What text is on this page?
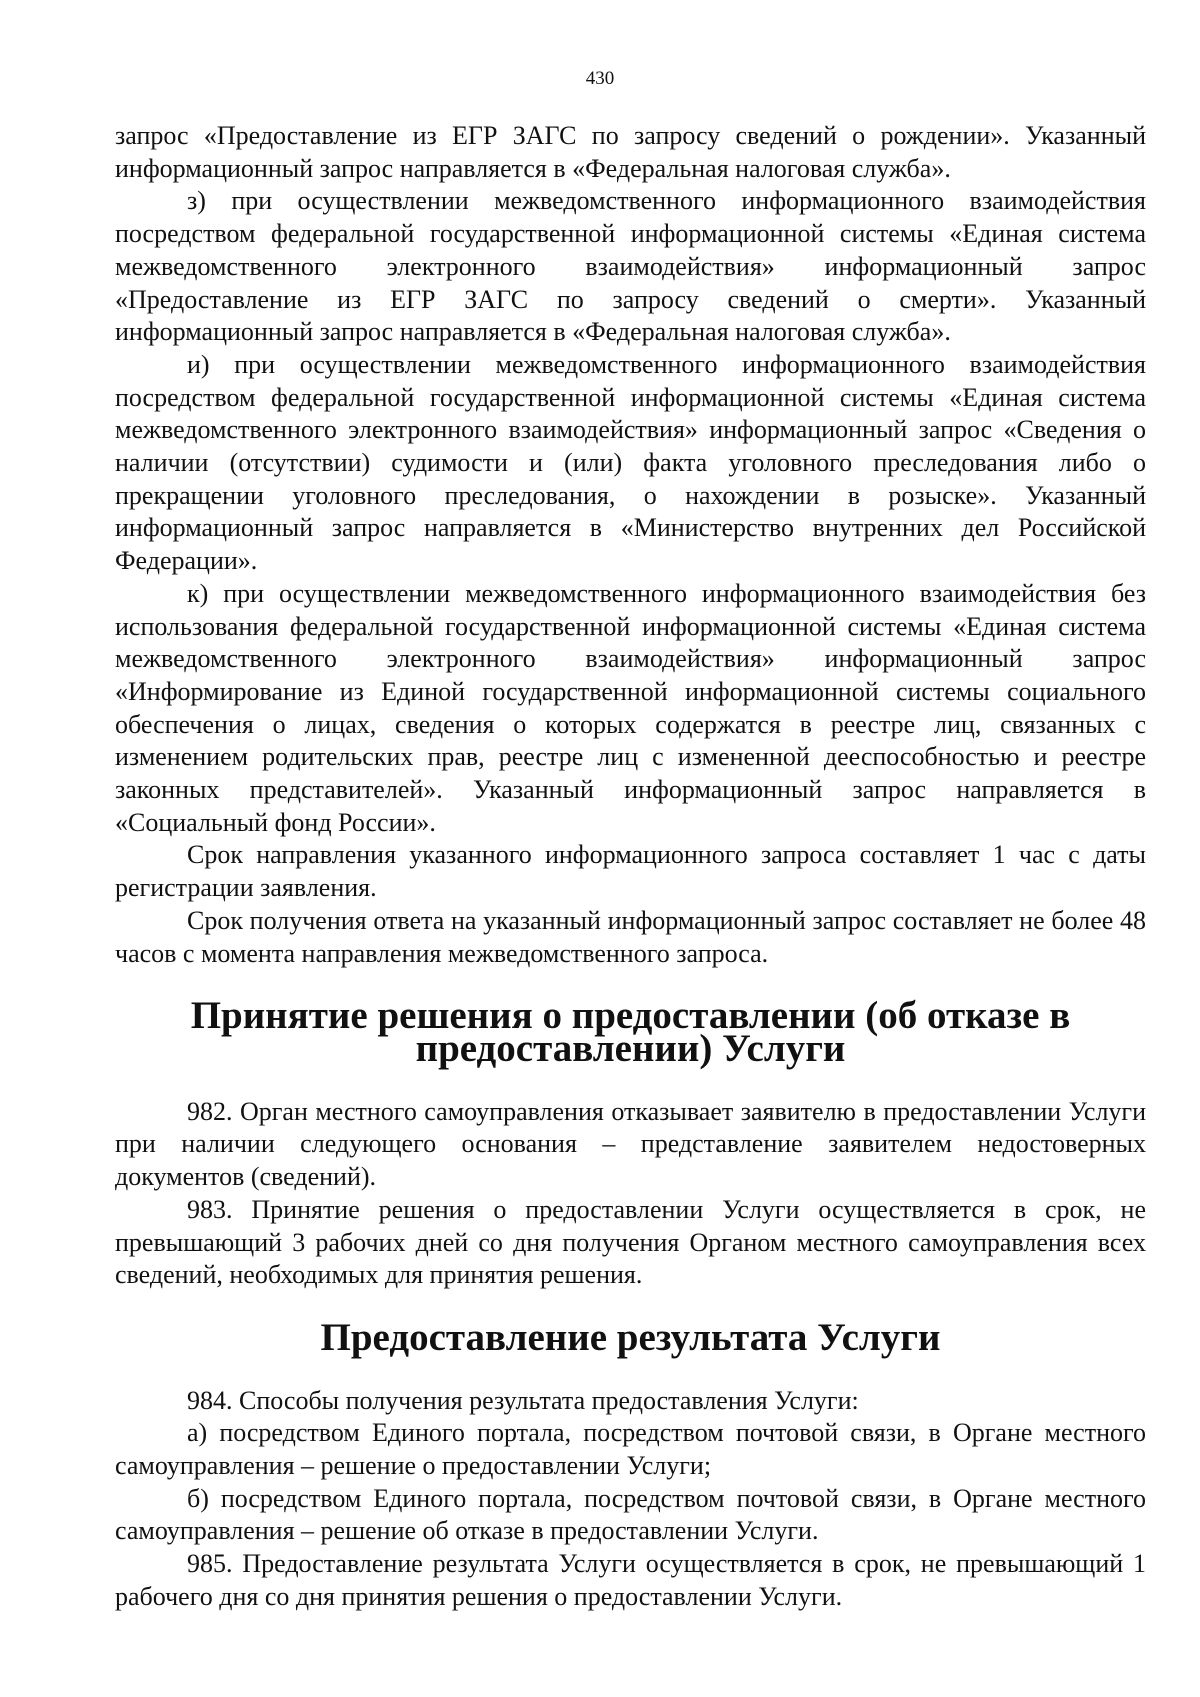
430

запрос «Предоставление из ЕГР ЗАГС по запросу сведений о рождении». Указанный информационный запрос направляется в «Федеральная налоговая служба».

з) при осуществлении межведомственного информационного взаимодействия посредством федеральной государственной информационной системы «Единая система межведомственного электронного взаимодействия» информационный запрос «Предоставление из ЕГР ЗАГС по запросу сведений о смерти». Указанный информационный запрос направляется в «Федеральная налоговая служба».

и) при осуществлении межведомственного информационного взаимодействия посредством федеральной государственной информационной системы «Единая система межведомственного электронного взаимодействия» информационный запрос «Сведения о наличии (отсутствии) судимости и (или) факта уголовного преследования либо о прекращении уголовного преследования, о нахождении в розыске». Указанный информационный запрос направляется в «Министерство внутренних дел Российской Федерации».

к) при осуществлении межведомственного информационного взаимодействия без использования федеральной государственной информационной системы «Единая система межведомственного электронного взаимодействия» информационный запрос «Информирование из Единой государственной информационной системы социального обеспечения о лицах, сведения о которых содержатся в реестре лиц, связанных с изменением родительских прав, реестре лиц с измененной дееспособностью и реестре законных представителей». Указанный информационный запрос направляется в «Социальный фонд России».

Срок направления указанного информационного запроса составляет 1 час с даты регистрации заявления.

Срок получения ответа на указанный информационный запрос составляет не более 48 часов с момента направления межведомственного запроса.

Принятие решения о предоставлении (об отказе в предоставлении) Услуги

982. Орган местного самоуправления отказывает заявителю в предоставлении Услуги при наличии следующего основания – представление заявителем недостоверных документов (сведений).

983. Принятие решения о предоставлении Услуги осуществляется в срок, не превышающий 3 рабочих дней со дня получения Органом местного самоуправления всех сведений, необходимых для принятия решения.

Предоставление результата Услуги

984. Способы получения результата предоставления Услуги:

а) посредством Единого портала, посредством почтовой связи, в Органе местного самоуправления – решение о предоставлении Услуги;

б) посредством Единого портала, посредством почтовой связи, в Органе местного самоуправления – решение об отказе в предоставлении Услуги.

985. Предоставление результата Услуги осуществляется в срок, не превышающий 1 рабочего дня со дня принятия решения о предоставлении Услуги.
